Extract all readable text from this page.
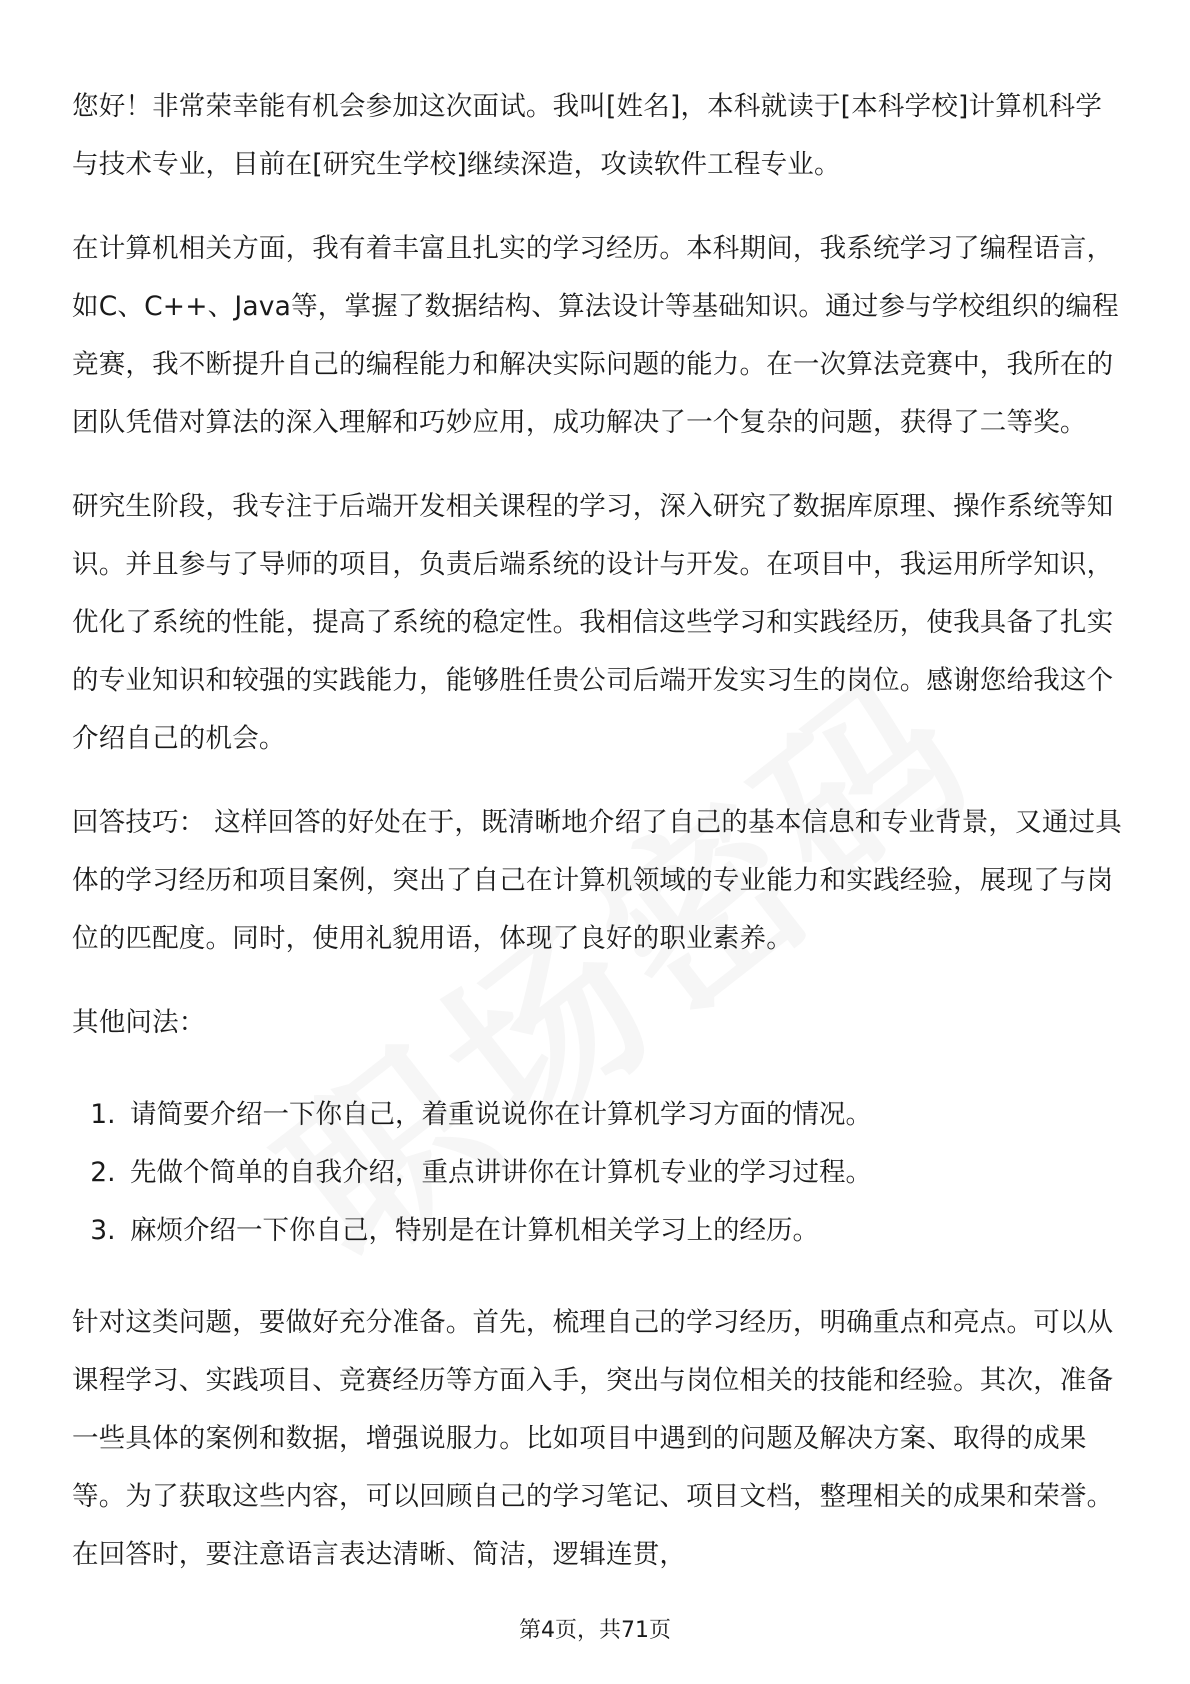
您好！非常荣幸能有机会参加这次面试。我叫[姓名]，本科就读于[本科学校]计算机科学与技术专业，目前在[研究生学校]继续深造，攻读软件工程专业。

在计算机相关方面，我有着丰富且扎实的学习经历。本科期间，我系统学习了编程语言，如C、C++、Java等，掌握了数据结构、算法设计等基础知识。通过参与学校组织的编程竞赛，我不断提升自己的编程能力和解决实际问题的能力。在一次算法竞赛中，我所在的团队凭借对算法的深入理解和巧妙应用，成功解决了一个复杂的问题，获得了二等奖。

研究生阶段，我专注于后端开发相关课程的学习，深入研究了数据库原理、操作系统等知识。并且参与了导师的项目，负责后端系统的设计与开发。在项目中，我运用所学知识，优化了系统的性能，提高了系统的稳定性。我相信这些学习和实践经历，使我具备了扎实的专业知识和较强的实践能力，能够胜任贵公司后端开发实习生的岗位。感谢您给我这个介绍自己的机会。

回答技巧： 这样回答的好处在于，既清晰地介绍了自己的基本信息和专业背景，又通过具体的学习经历和项目案例，突出了自己在计算机领域的专业能力和实践经验，展现了与岗位的匹配度。同时，使用礼貌用语，体现了良好的职业素养。

其他问法：

1. 请简要介绍一下你自己，着重说说你在计算机学习方面的情况。
2. 先做个简单的自我介绍，重点讲讲你在计算机专业的学习过程。
3. 麻烦介绍一下你自己，特别是在计算机相关学习上的经历。

针对这类问题，要做好充分准备。首先，梳理自己的学习经历，明确重点和亮点。可以从课程学习、实践项目、竞赛经历等方面入手，突出与岗位相关的技能和经验。其次，准备一些具体的案例和数据，增强说服力。比如项目中遇到的问题及解决方案、取得的成果等。为了获取这些内容，可以回顾自己的学习笔记、项目文档，整理相关的成果和荣誉。在回答时，要注意语言表达清晰、简洁，逻辑连贯，

第4页，共71页
